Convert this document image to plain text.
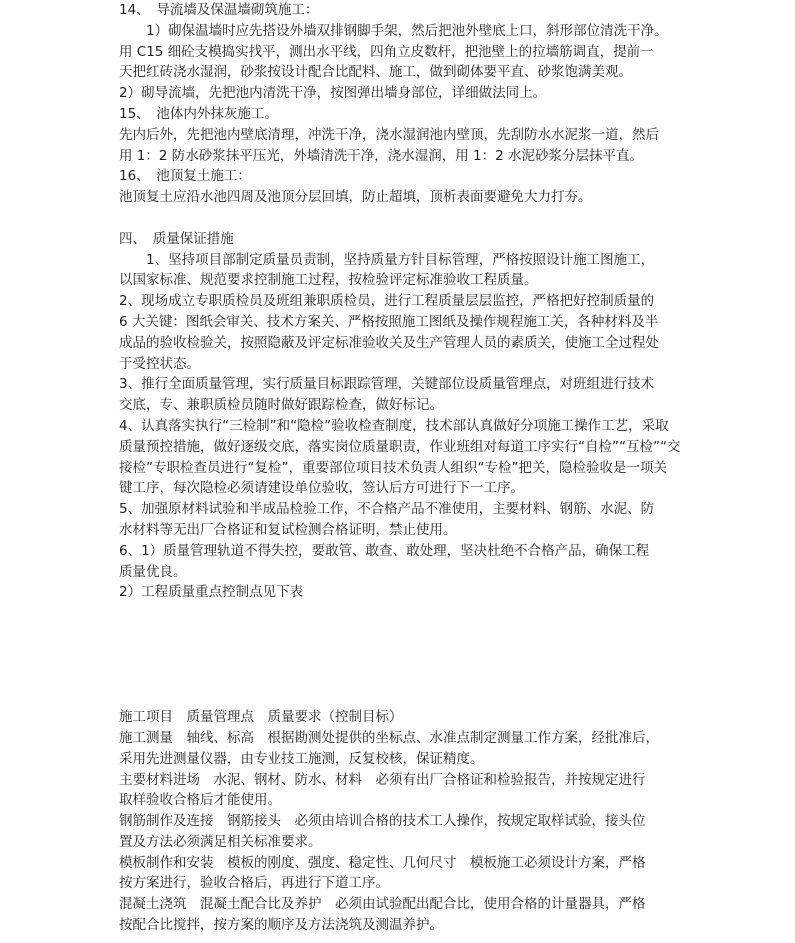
14、　导流墙及保温墙砌筑施工：
　　1）砌保温墙时应先搭设外墙双排钢脚手架，然后把池外壁底上口，斜形部位清洗干净。
用 C15 细砼支模捣实找平，测出水平线，四角立皮数杆，把池壁上的拉墙筋调直，提前一
天把红砖浇水湿润，砂浆按设计配合比配料、施工，做到砌体要平直、砂浆饱满美观。
2）砌导流墙，先把池内清洗干净，按图弹出墙身部位，详细做法同上。
15、　池体内外抹灰施工。
先内后外，先把池内壁底清理，冲洗干净，浇水湿润池内壁顶，先刮防水水泥浆一道，然后
用 1：2 防水砂浆抹平压光，外墙清洗干净，浇水湿润，用 1：2 水泥砂浆分层抹平直。
16、　池顶复土施工：
池顶复土应沿水池四周及池顶分层回填，防止超填，顶析表面要避免大力打夯。
四、　质量保证措施
　　1、坚持项目部制定质量员责制，坚持质量方针目标管理，严格按照设计施工图施工，
以国家标准、规范要求控制施工过程，按检验评定标准验收工程质量。
2、现场成立专职质检员及班组兼职质检员，进行工程质量层层监控，严格把好控制质量的
6 大关键：图纸会审关、技术方案关、严格按照施工图纸及操作规程施工关，各种材料及半
成品的验收检验关，按照隐蔽及评定标准验收关及生产管理人员的素质关，使施工全过程处
于受控状态。
3、推行全面质量管理，实行质量目标跟踪管理，关键部位设质量管理点，对班组进行技术
交底，专、兼职质检员随时做好跟踪检查，做好标记。
4、认真落实执行“三检制”和“隐检”验收检查制度，技术部认真做好分项施工操作工艺，采取
质量预控措施，做好逐级交底，落实岗位质量职责，作业班组对每道工序实行“自检”“互检”“交
接检”专职检查员进行“复检”，重要部位项目技术负责人组织“专检”把关，隐检验收是一项关
键工序，每次隐检必须请建设单位验收，签认后方可进行下一工序。
5、加强原材料试验和半成品检验工作，不合格产品不准使用，主要材料、钢筋、水泥、防
水材料等无出厂合格证和复试检测合格证明，禁止使用。
6、1）质量管理轨道不得失控，要敢管、敢查、敢处理，坚决杜绝不合格产品，确保工程
质量优良。
2）工程质量重点控制点见下表
施工项目　质量管理点　质量要求（控制目标）
施工测量　轴线、标高　根据勘测处提供的坐标点、水准点制定测量工作方案，经批准后，
采用先进测量仪器，由专业技工施测，反复校核，保证精度。
主要材料进场　水泥、钢材、防水、材料　必须有出厂合格证和检验报告，并按规定进行
取样验收合格后才能使用。
钢筋制作及连接　钢筋接头　必须由培训合格的技术工人操作，按规定取样试验，接头位
置及方法必须满足相关标准要求。
模板制作和安装　模板的刚度、强度、稳定性、几何尺寸　模板施工必须设计方案，严格
按方案进行，验收合格后，再进行下道工序。
混凝土浇筑　混凝土配合比及养护　必须由试验配出配合比，使用合格的计量器具，严格
按配合比搅拌，按方案的顺序及方法浇筑及测温养护。
